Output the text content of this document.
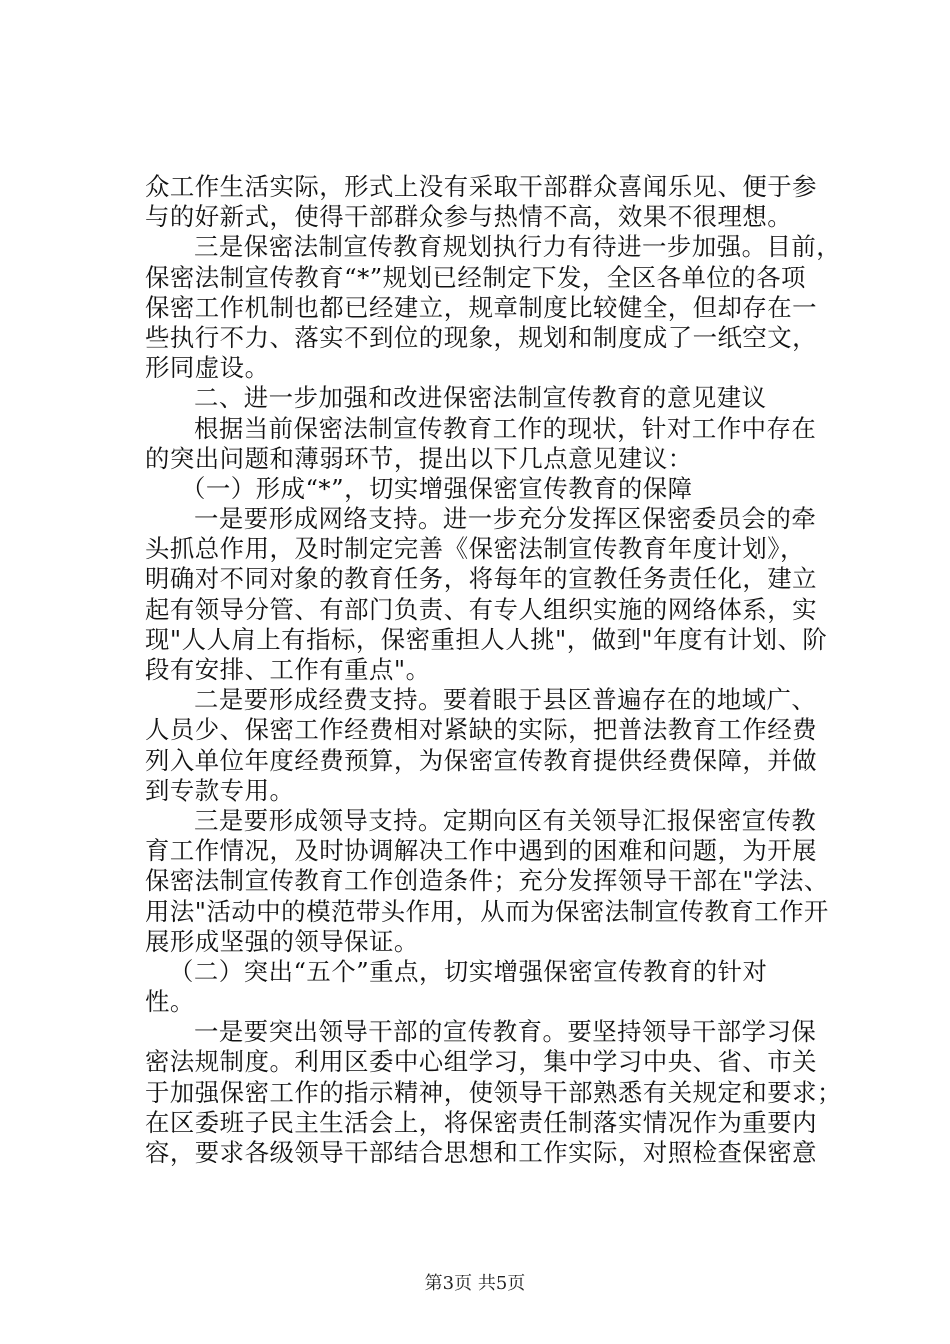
众工作生活实际，形式上没有采取干部群众喜闻乐见、便于参
与的好新式，使得干部群众参与热情不高，效果不很理想。
三是保密法制宣传教育规划执行力有待进一步加强。目前，
保密法制宣传教育“*”规划已经制定下发，全区各单位的各项
保密工作机制也都已经建立，规章制度比较健全，但却存在一
些执行不力、落实不到位的现象，规划和制度成了一纸空文，
形同虚设。
二、进一步加强和改进保密法制宣传教育的意见建议
根据当前保密法制宣传教育工作的现状，针对工作中存在
的突出问题和薄弱环节，提出以下几点意见建议：
（一）形成“*”，切实增强保密宣传教育的保障
一是要形成网络支持。进一步充分发挥区保密委员会的牵
头抓总作用，及时制定完善《保密法制宣传教育年度计划》，
明确对不同对象的教育任务，将每年的宣教任务责任化，建立
起有领导分管、有部门负责、有专人组织实施的网络体系，实
现"人人肩上有指标，保密重担人人挑"，做到"年度有计划、阶
段有安排、工作有重点"。
二是要形成经费支持。要着眼于县区普遍存在的地域广、
人员少、保密工作经费相对紧缺的实际，把普法教育工作经费
列入单位年度经费预算，为保密宣传教育提供经费保障，并做
到专款专用。
三是要形成领导支持。定期向区有关领导汇报保密宣传教
育工作情况，及时协调解决工作中遇到的困难和问题，为开展
保密法制宣传教育工作创造条件；充分发挥领导干部在"学法、
用法"活动中的模范带头作用，从而为保密法制宣传教育工作开
展形成坚强的领导保证。
（二）突出“五个”重点，切实增强保密宣传教育的针对
性。
一是要突出领导干部的宣传教育。要坚持领导干部学习保
密法规制度。利用区委中心组学习，集中学习中央、省、市关
于加强保密工作的指示精神，使领导干部熟悉有关规定和要求；
在区委班子民主生活会上，将保密责任制落实情况作为重要内
容，要求各级领导干部结合思想和工作实际，对照检查保密意
第3页 共5页
